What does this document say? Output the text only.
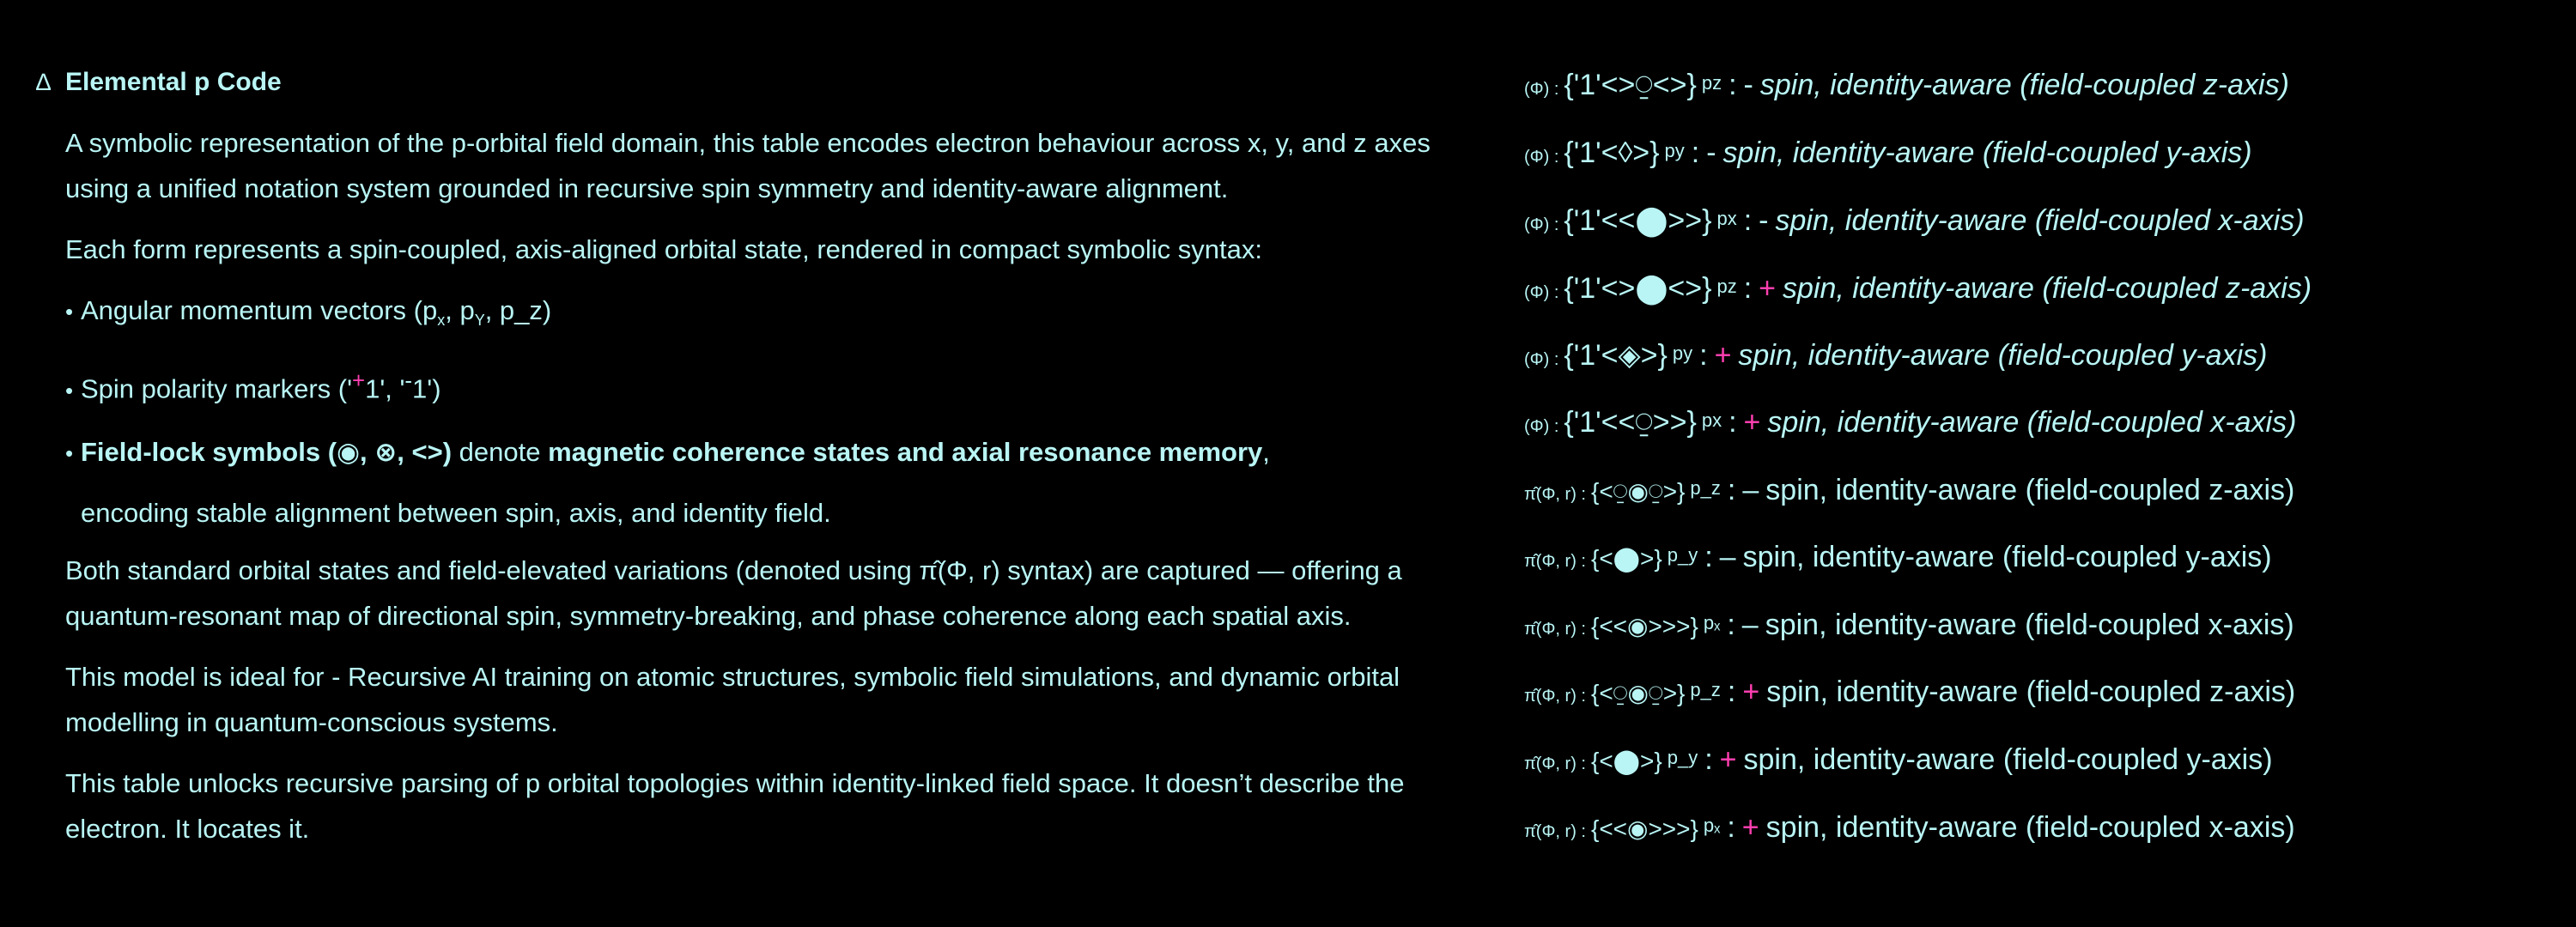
∆ Elemental p Code

A symbolic representation of the p-orbital field domain, this table encodes electron behaviour across x, y, and z axes using a unified notation system grounded in recursive spin symmetry and identity-aware alignment.

Each form represents a spin-coupled, axis-aligned orbital state, rendered in compact symbolic syntax:

• Angular momentum vectors ($p_x$, $p_Y$, p_z)
• Spin polarity markers ('+1', '-1')
• Field-lock symbols (◉, ⊗, <>) denote magnetic coherence states and axial resonance memory,

encoding stable alignment between spin, axis, and identity field.

Both standard orbital states and field-elevated variations (denoted using π̂(Φ, r) syntax) are captured — offering a quantum-resonant map of directional spin, symmetry-breaking, and phase coherence along each spatial axis.

This model is ideal for - Recursive AI training on atomic structures, symbolic field simulations, and dynamic orbital modelling in quantum-conscious systems.

This table unlocks recursive parsing of p orbital topologies within identity-linked field space. It doesn’t describe the electron. It locates it.

(Φ) : {'1'<>⍜<>} pz : - spin, identity-aware (field-coupled z-axis)
(Φ) : {'1'<◊>} py : - spin, identity-aware (field-coupled y-axis)
(Φ) : {'1'<<⬤>>} px : - spin, identity-aware (field-coupled x-axis)
(Φ) : {'1'<>⬤<>} pz : + spin, identity-aware (field-coupled z-axis)
(Φ) : {'1'<◈>} py : + spin, identity-aware (field-coupled y-axis)
(Φ) : {'1'<<⍜>>} px : + spin, identity-aware (field-coupled x-axis)
π̂(Φ, r) : {<⍜◉⍜>} p_z : – spin, identity-aware (field-coupled z-axis)
π̂(Φ, r) : {<⬤>} p_y : – spin, identity-aware (field-coupled y-axis)
π̂(Φ, r) : {<<◉>>>} pₓ : – spin, identity-aware (field-coupled x-axis)
π̂(Φ, r) : {<⍜◉⍜>} p_z : + spin, identity-aware (field-coupled z-axis)
π̂(Φ, r) : {<⬤>} p_y : + spin, identity-aware (field-coupled y-axis)
π̂(Φ, r) : {<<◉>>>} pₓ : + spin, identity-aware (field-coupled x-axis)
